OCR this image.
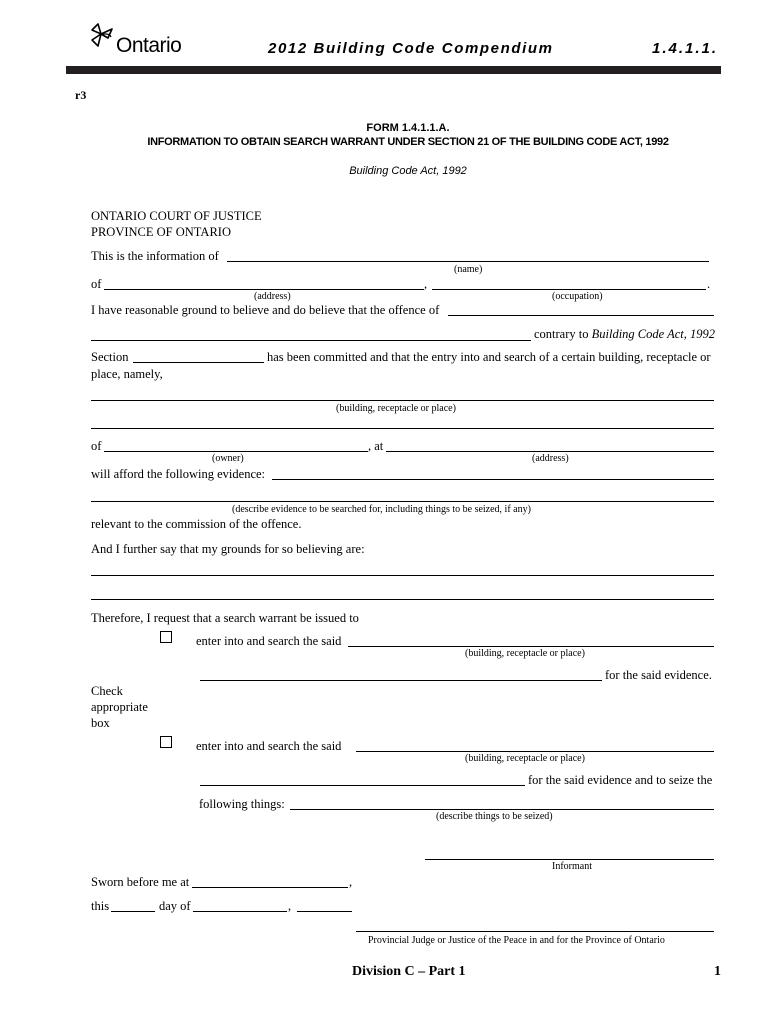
Ontario	2012 Building Code Compendium	1.4.1.1.
r3
FORM 1.4.1.1.A.
INFORMATION TO OBTAIN SEARCH WARRANT UNDER SECTION 21 OF THE BUILDING CODE ACT, 1992
Building Code Act, 1992
ONTARIO COURT OF JUSTICE
PROVINCE OF ONTARIO
This is the information of
(name)
of	,	.
(address)	(occupation)
I have reasonable ground to believe and do believe that the offence of
contrary to Building Code Act, 1992
Section	has been committed and that the entry into and search of a certain building, receptacle or
place, namely,
(building, receptacle or place)
of	, at
(owner)	(address)
will afford the following evidence:
(describe evidence to be searched for, including things to be seized, if any)
relevant to the commission of the offence.
And I further say that my grounds for so believing are:
Therefore, I request that a search warrant be issued to
enter into and search the said
(building, receptacle or place)
for the said evidence.
Check
appropriate
box
enter into and search the said
(building, receptacle or place)
for the said evidence and to seize the
following things:
(describe things to be seized)
Informant
Sworn before me at	,
this	day of	,
Provincial Judge or Justice of the Peace in and for the Province of Ontario
Division C – Part 1	1
